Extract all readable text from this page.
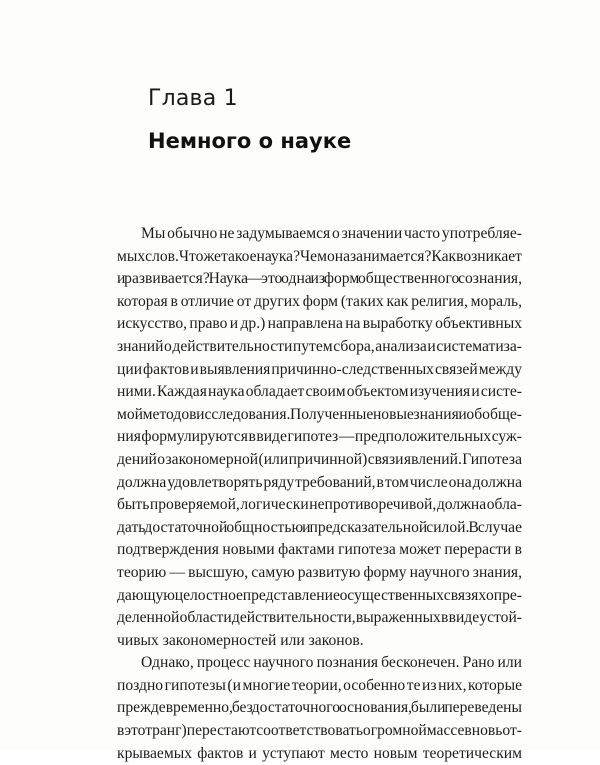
Глава 1
Немного о науке
Мы обычно не задумываемся о значении часто употребляе-
мых слов. Что же такое наука? Чем она занимается? Как возникает
и развивается? Наука — это одна из форм общественного сознания,
которая в отличие от других форм (таких как религия, мораль,
искусство, право и др.) направлена на выработку объективных
знаний о действительности путем сбора, анализа и систематиза-
ции фактов и выявления причинно-следственных связей между
ними. Каждая наука обладает своим объектом изучения и систе-
мой методов исследования. Полученные новые знания и обобще-
ния формулируются в виде гипотез — предположительных суж-
дений о закономерной (или причинной) связи явлений. Гипотеза
должна удовлетворять ряду требований, в том числе она должна
быть проверяемой, логически непротиворечивой, должна обла-
дать достаточной общностью и предсказательной силой. В случае
подтверждения новыми фактами гипотеза может перерасти в
теорию — высшую, самую развитую форму научного знания,
дающую целостное представление о существенных связях опре-
деленной области действительности, выраженных в виде устой-
чивых закономерностей или законов.
Однако, процесс научного познания бесконечен. Рано или
поздно гипотезы (и многие теории, особенно те из них, которые
преждевременно, без достаточного основания, были переведены
в этот ранг) перестают соответствовать огромной массе вновь от-
крываемых фактов и уступают место новым теоретическим
